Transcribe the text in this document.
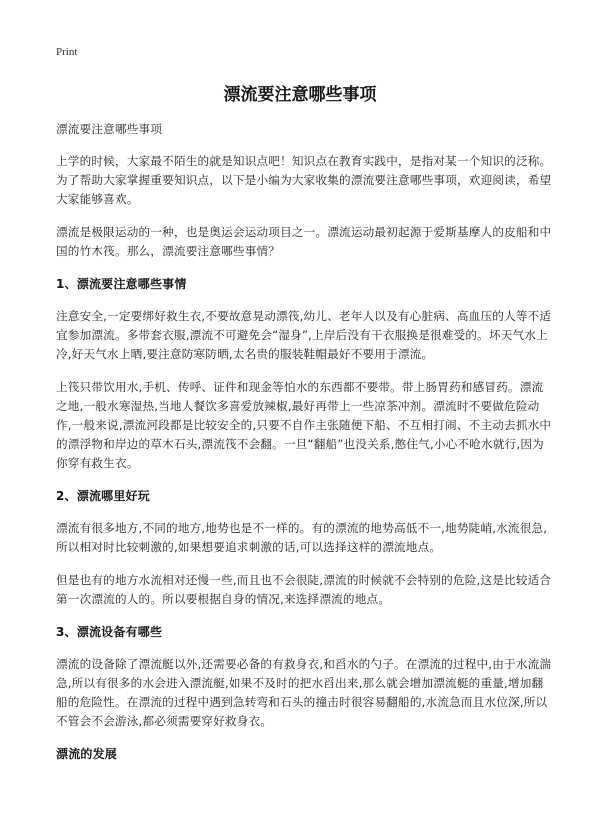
Print
漂流要注意哪些事项

漂流要注意哪些事项

上学的时候，大家最不陌生的就是知识点吧！知识点在教育实践中，是指对某一个知识的泛称。为了帮助大家掌握重要知识点，以下是小编为大家收集的漂流要注意哪些事项，欢迎阅读，希望大家能够喜欢。

漂流是极限运动的一种，也是奥运会运动项目之一。漂流运动最初起源于爱斯基摩人的皮船和中国的竹木筏。那么，漂流要注意哪些事情？

1、漂流要注意哪些事情

注意安全,一定要绑好救生衣,不要故意晃动漂筏,幼儿、老年人以及有心脏病、高血压的人等不适宜参加漂流。多带套衣服,漂流不可避免会“湿身”,上岸后没有干衣服换是很难受的。坏天气水上冷,好天气水上晒,要注意防寒防晒,太名贵的服装鞋帽最好不要用于漂流。

上筏只带饮用水,手机、传呼、证件和现金等怕水的东西都不要带。带上肠胃药和感冒药。漂流之地,一般水寒湿热,当地人餐饮多喜爱放辣椒,最好再带上一些凉茶冲剂。漂流时不要做危险动作,一般来说,漂流河段都是比较安全的,只要不自作主张随便下船、不互相打闹、不主动去抓水中的漂浮物和岸边的草木石头,漂流筏不会翻。一旦“翻船”也没关系,憋住气,小心不呛水就行,因为你穿有救生衣。

2、漂流哪里好玩

漂流有很多地方,不同的地方,地势也是不一样的。有的漂流的地势高低不一,地势陡峭,水流很急,所以相对时比较刺激的,如果想要追求刺激的话,可以选择这样的漂流地点。

但是也有的地方水流相对还慢一些,而且也不会很陡,漂流的时候就不会特别的危险,这是比较适合第一次漂流的人的。所以要根据自身的情况,来选择漂流的地点。

3、漂流设备有哪些

漂流的设备除了漂流艇以外,还需要必备的有救身衣,和舀水的勺子。在漂流的过程中,由于水流湍急,所以有很多的水会进入漂流艇,如果不及时的把水舀出来,那么就会增加漂流艇的重量,增加翻船的危险性。在漂流的过程中遇到急转弯和石头的撞击时很容易翻船的,水流急而且水位深,所以不管会不会游泳,都必须需要穿好救身衣。

漂流的发展
